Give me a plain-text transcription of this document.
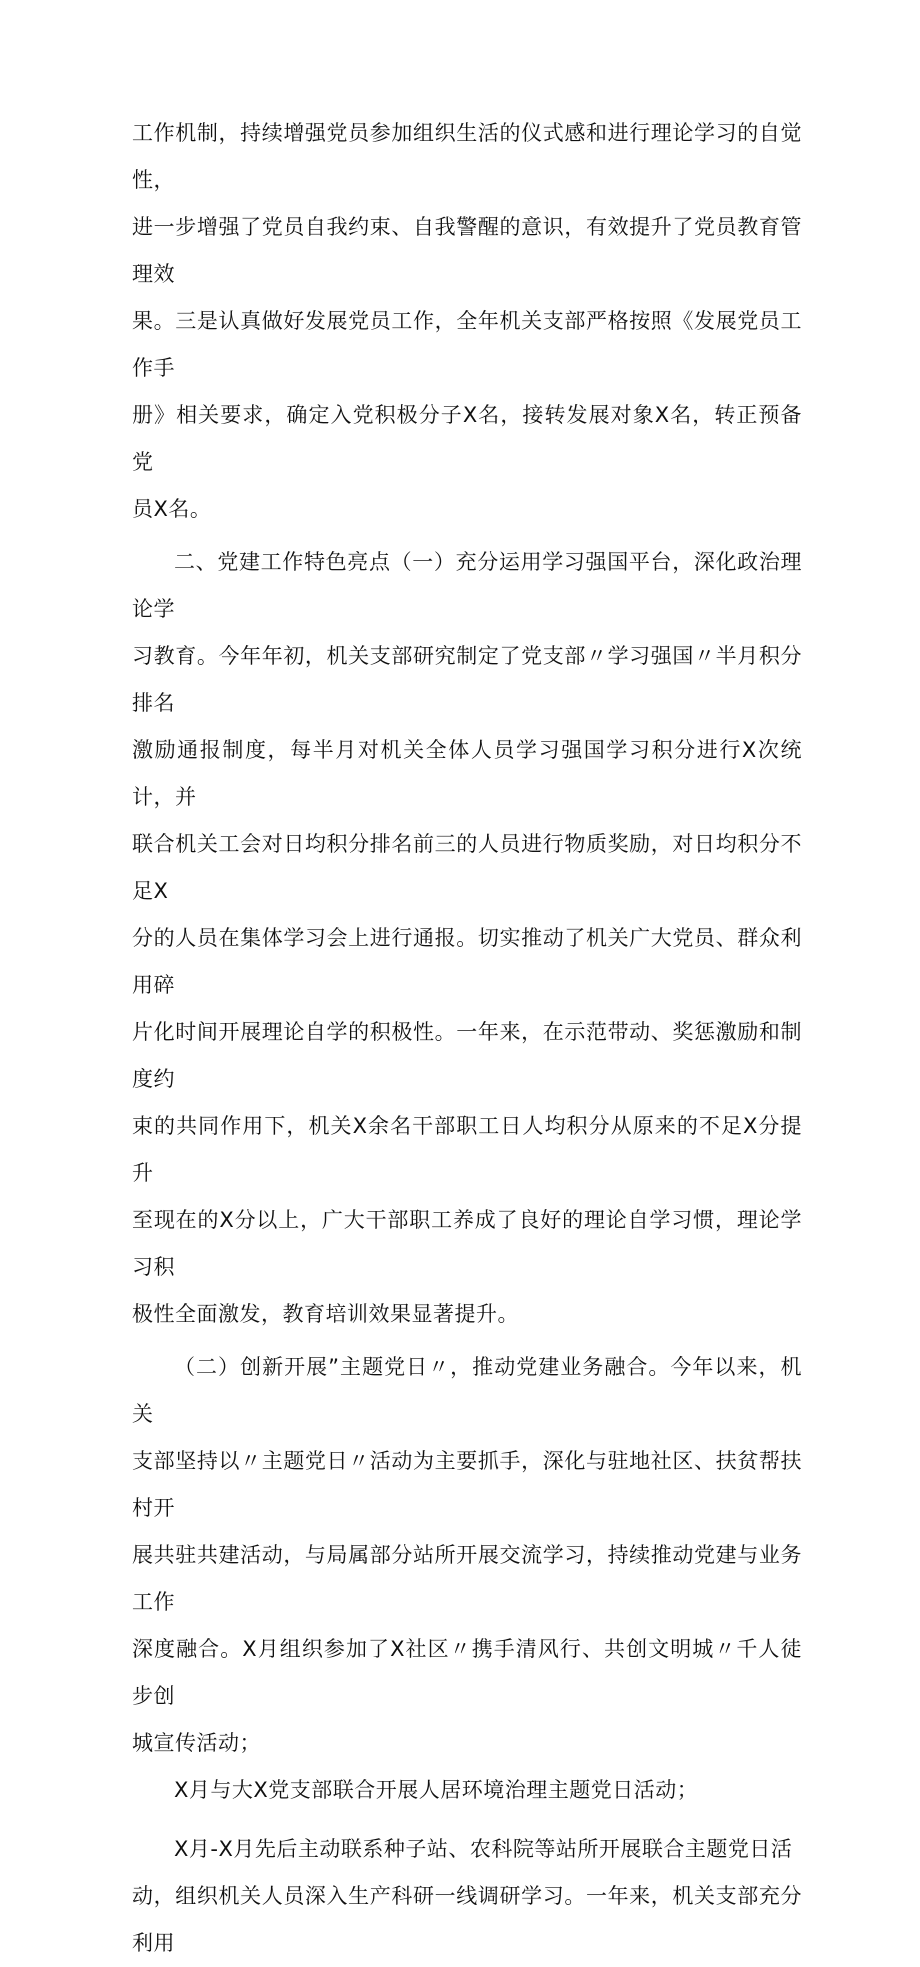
工作机制，持续增强党员参加组织生活的仪式感和进行理论学习的自觉性，
进一步增强了党员自我约束、自我警醒的意识，有效提升了党员教育管理效
果。三是认真做好发展党员工作，全年机关支部严格按照《发展党员工作手
册》相关要求，确定入党积极分子X名，接转发展对象X名，转正预备党
员X名。
二、党建工作特色亮点（一）充分运用学习强国平台，深化政治理论学
习教育。今年年初，机关支部研究制定了党支部〃学习强国〃半月积分排名
激励通报制度，每半月对机关全体人员学习强国学习积分进行X次统计，并
联合机关工会对日均积分排名前三的人员进行物质奖励，对日均积分不足X
分的人员在集体学习会上进行通报。切实推动了机关广大党员、群众利用碎
片化时间开展理论自学的积极性。一年来，在示范带动、奖惩激励和制度约
束的共同作用下，机关X余名干部职工日人均积分从原来的不足X分提升
至现在的X分以上，广大干部职工养成了良好的理论自学习惯，理论学习积
极性全面激发，教育培训效果显著提升。
（二）创新开展”主题党日〃，推动党建业务融合。今年以来，机关
支部坚持以〃主题党日〃活动为主要抓手，深化与驻地社区、扶贫帮扶村开
展共驻共建活动，与局属部分站所开展交流学习，持续推动党建与业务工作
深度融合。X月组织参加了X社区〃携手清风行、共创文明城〃千人徒步创
城宣传活动；
X月与大X党支部联合开展人居环境治理主题党日活动；
X月-X月先后主动联系种子站、农科院等站所开展联合主题党日活
动，组织机关人员深入生产科研一线调研学习。一年来，机关支部充分利用
